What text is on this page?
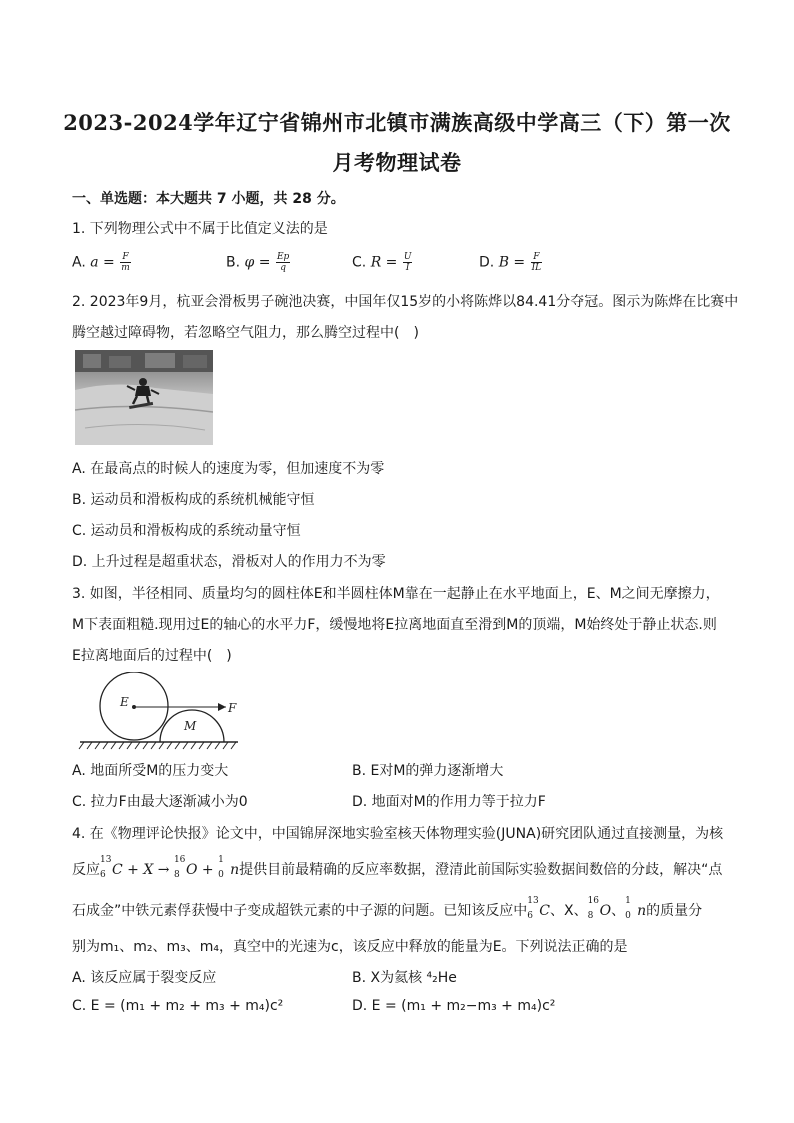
2023-2024学年辽宁省锦州市北镇市满族高级中学高三（下）第一次
月考物理试卷
一、单选题：本大题共 7 小题，共 28 分。
1. 下列物理公式中不属于比值定义法的是
A. $a = \frac{F}{m}$	B. $\varphi = \frac{Ep}{q}$	C. $R = \frac{U}{I}$	D. $B = \frac{F}{IL}$
2. 2023年9月，杭亚会滑板男子碗池决赛，中国年仅15岁的小将陈烨以84.41分夺冠。图示为陈烨在比赛中
腾空越过障碍物，若忽略空气阻力，那么腾空过程中(　)
A. 在最高点的时候人的速度为零，但加速度不为零
B. 运动员和滑板构成的系统机械能守恒
C. 运动员和滑板构成的系统动量守恒
D. 上升过程是超重状态，滑板对人的作用力不为零
3. 如图，半径相同、质量均匀的圆柱体E和半圆柱体M靠在一起静止在水平地面上，E、M之间无摩擦力，
M下表面粗糙.现用过E的轴心的水平力F，缓慢地将E拉离地面直至滑到M的顶端，M始终处于静止状态.则
E拉离地面后的过程中(　)
E
M
F
A. 地面所受M的压力变大	B. E对M的弹力逐渐增大
C. 拉力F由最大逐渐减小为0	D. 地面对M的作用力等于拉力F
4. 在《物理评论快报》论文中，中国锦屏深地实验室核天体物理实验(JUNA)研究团队通过直接测量，为核
反应
13
6 C + X →
16
8 O +
1
0 n提供目前最精确的反应率数据，澄清此前国际实验数据间数倍的分歧，解决“点
石成金”中铁元素俘获慢中子变成超铁元素的中子源的问题。已知该反应中
13
6 C、X、
16
8 O、
1
0 n的质量分
别为m₁、m₂、m₃、m₄，真空中的光速为c，该反应中释放的能量为E。下列说法正确的是
A. 该反应属于裂变反应	B. X为氦核 ⁴₂He
C. E = (m₁ + m₂ + m₃ + m₄)c²	D. E = (m₁ + m₂−m₃ + m₄)c²
